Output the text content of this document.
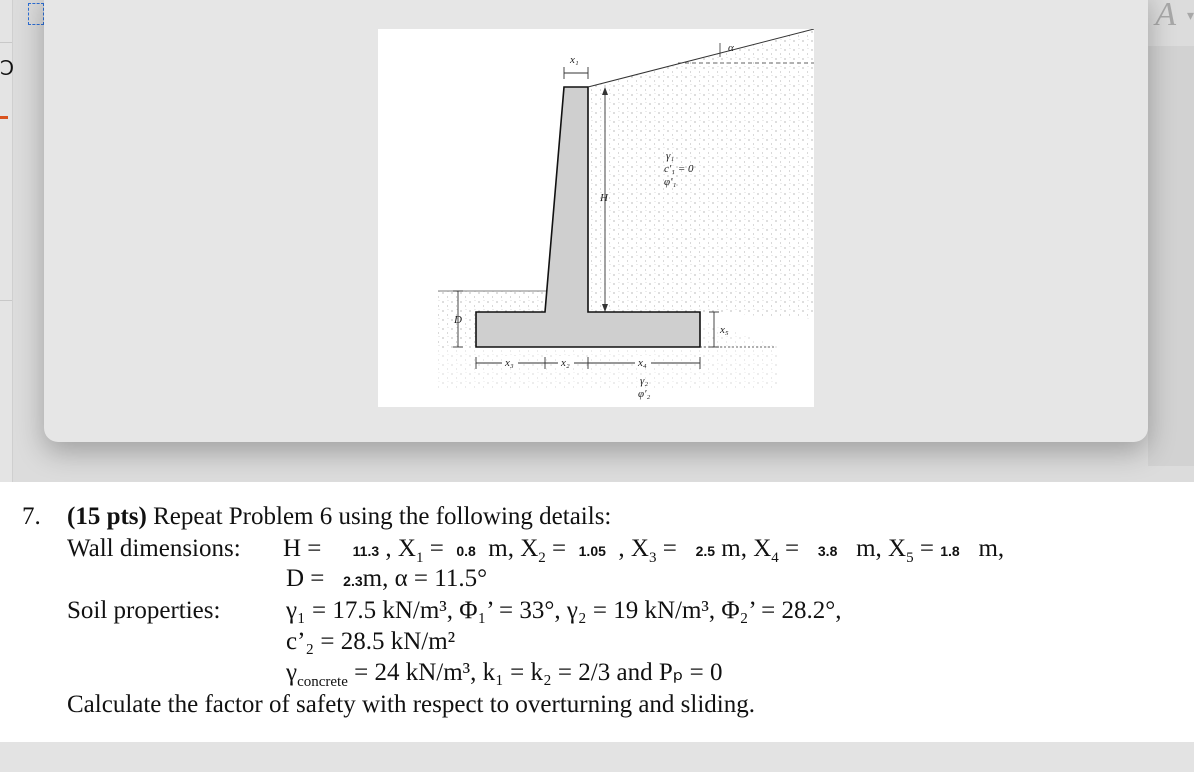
Ↄ
A ▾
7. (15 pts) Repeat Problem 6 using the following details:
Wall dimensions: H =     11.3 , $X_1 = 0.8$  m, $X_2 = 1.05$  , $X_3 = 2.5$ m, $X_4 = 3.8$   m, $X_5 = 1.8$   m,
D =   2.3m, α = 11.5°
Soil properties:	γ₁ = 17.5 kN/m³, Φ₁’ = 33°, γ₂ = 19 kN/m³, Φ₂’ = 28.2°,
c’₂ = 28.5 kN/m²
$\gamma_{concrete} = 24$ kN/m³, k₁ = k₂ = 2/3 and Pₚ = 0
Calculate the factor of safety with respect to overturning and sliding.
α
x₁
H
D
x₅
x₃	x₂	x₄
γ₁
c′₁ = 0
φ′₁
γ₂
φ′₂
